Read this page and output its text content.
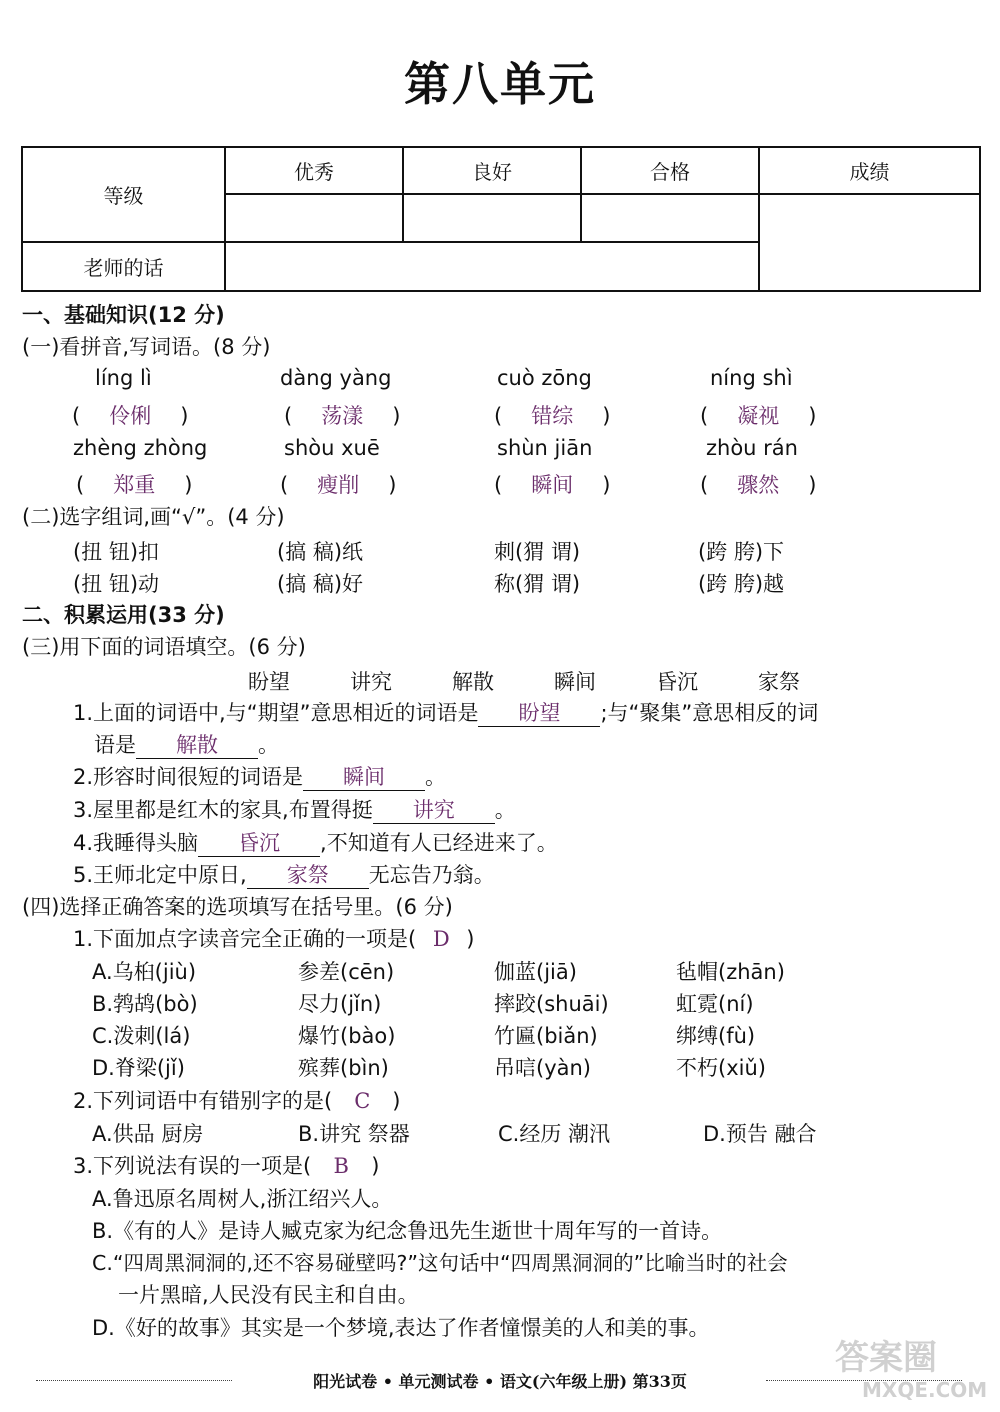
第八单元
等级	优秀	良好	合格	成绩

老师的话				
一、基础知识(12 分)
(一)看拼音,写词语。(8 分)
líng lì	dàng yàng	cuò zōng	níng shì
( 伶俐 )	( 荡漾 )	( 错综 )	( 凝视 )
zhèng zhòng	shòu xuē	shùn jiān	zhòu rán
( 郑重 )	( 瘦削 )	( 瞬间 )	( 骤然 )
(二)选字组词,画“√”。(4 分)
(扭 钮)扣	(搞 稿)纸	刺(猬 谓)	(跨 胯)下
(扭 钮)动	(搞 稿)好	称(猬 谓)	(跨 胯)越
二、积累运用(33 分)
(三)用下面的词语填空。(6 分)
盼望	讲究	解散	瞬间	昏沉	家祭
1.上面的词语中,与“期望”意思相近的词语是 盼望 ;与“聚集”意思相反的词
语是 解散 。
2.形容时间很短的词语是 瞬间 。
3.屋里都是红木的家具,布置得挺 讲究 。
4.我睡得头脑 昏沉 ,不知道有人已经进来了。
5.王师北定中原日, 家祭 无忘告乃翁。
(四)选择正确答案的选项填写在括号里。(6 分)
1.下面加点字读音完全正确的一项是( D )
A.乌桕(jiù)	参差(cēn)	伽蓝(jiā)	毡帽(zhān)
B.鹁鸪(bò)	尽力(jǐn)	摔跤(shuāi)	虹霓(ní)
C.泼刺(lá)	爆竹(bào)	竹匾(biǎn)	绑缚(fù)
D.脊梁(jǐ)	殡葬(bìn)	吊唁(yàn)	不朽(xiǔ)
2.下列词语中有错别字的是( C )
A.供品 厨房	B.讲究 祭器	C.经历 潮汛	D.预告 融合
3.下列说法有误的一项是( B )
A.鲁迅原名周树人,浙江绍兴人。
B.《有的人》是诗人臧克家为纪念鲁迅先生逝世十周年写的一首诗。
C.“四周黑洞洞的,还不容易碰壁吗?”这句话中“四周黑洞洞的”比喻当时的社会
一片黑暗,人民没有民主和自由。
D.《好的故事》其实是一个梦境,表达了作者憧憬美的人和美的事。
阳光试卷 • 单元测试卷 • 语文(六年级上册) 第33页
答案圈
MXQE.COM
